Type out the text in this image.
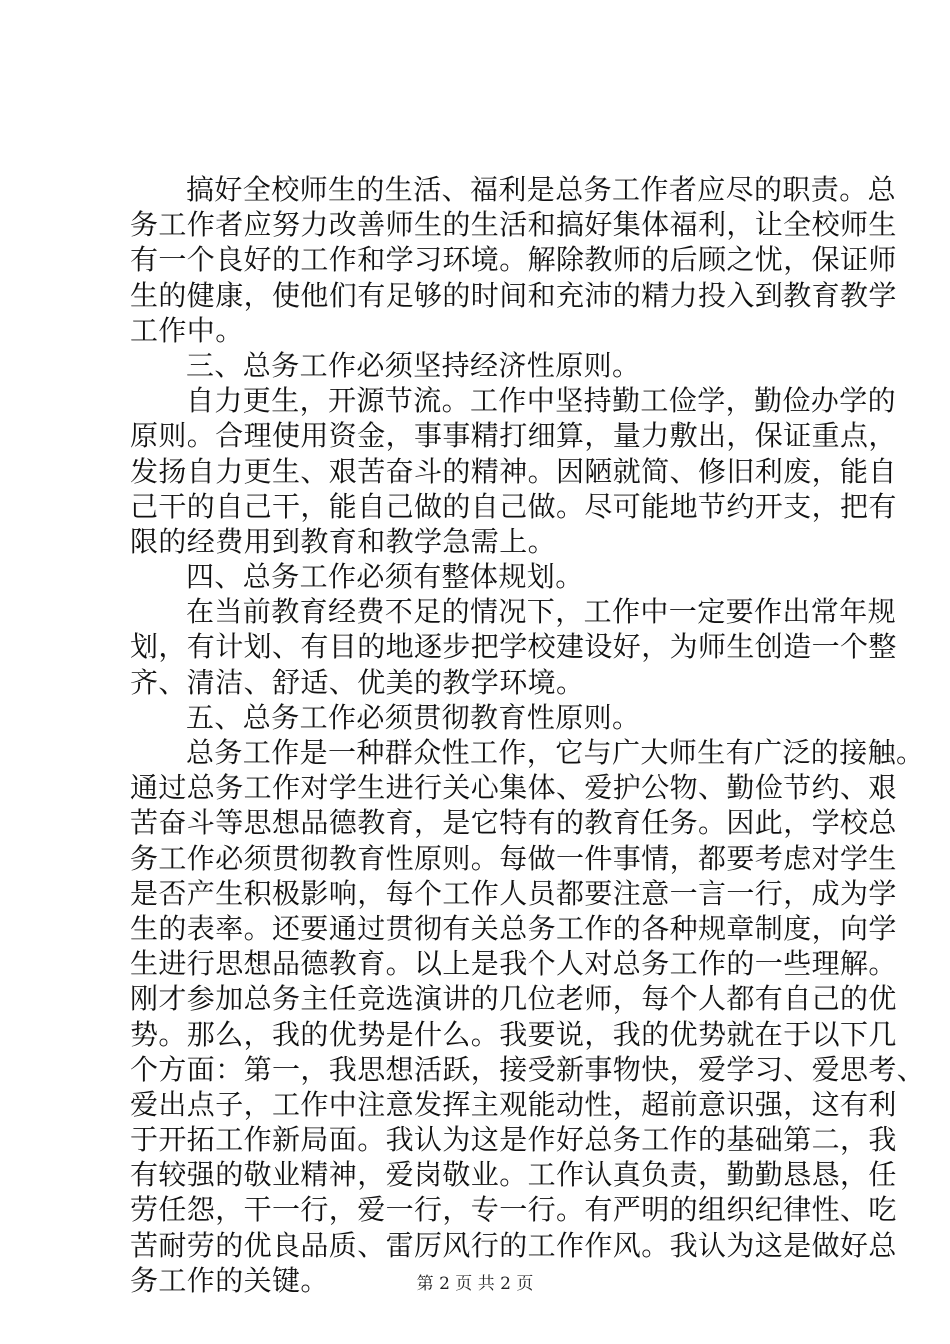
搞好全校师生的生活、福利是总务工作者应尽的职责。总
务工作者应努力改善师生的生活和搞好集体福利，让全校师生
有一个良好的工作和学习环境。解除教师的后顾之忧，保证师
生的健康，使他们有足够的时间和充沛的精力投入到教育教学
工作中。
三、总务工作必须坚持经济性原则。
自力更生，开源节流。工作中坚持勤工俭学，勤俭办学的
原则。合理使用资金，事事精打细算，量力敷出，保证重点，
发扬自力更生、艰苦奋斗的精神。因陋就简、修旧利废，能自
己干的自己干，能自己做的自己做。尽可能地节约开支，把有
限的经费用到教育和教学急需上。
四、总务工作必须有整体规划。
在当前教育经费不足的情况下，工作中一定要作出常年规
划，有计划、有目的地逐步把学校建设好，为师生创造一个整
齐、清洁、舒适、优美的教学环境。
五、总务工作必须贯彻教育性原则。
总务工作是一种群众性工作，它与广大师生有广泛的接触。
通过总务工作对学生进行关心集体、爱护公物、勤俭节约、艰
苦奋斗等思想品德教育，是它特有的教育任务。因此，学校总
务工作必须贯彻教育性原则。每做一件事情，都要考虑对学生
是否产生积极影响，每个工作人员都要注意一言一行，成为学
生的表率。还要通过贯彻有关总务工作的各种规章制度，向学
生进行思想品德教育。以上是我个人对总务工作的一些理解。
刚才参加总务主任竞选演讲的几位老师，每个人都有自己的优
势。那么，我的优势是什么。我要说，我的优势就在于以下几
个方面：第一，我思想活跃，接受新事物快，爱学习、爱思考、
爱出点子，工作中注意发挥主观能动性，超前意识强，这有利
于开拓工作新局面。我认为这是作好总务工作的基础第二，我
有较强的敬业精神，爱岗敬业。工作认真负责，勤勤恳恳，任
劳任怨，干一行，爱一行，专一行。有严明的组织纪律性、吃
苦耐劳的优良品质、雷厉风行的工作作风。我认为这是做好总
务工作的关键。	第 2 页 共 2 页
